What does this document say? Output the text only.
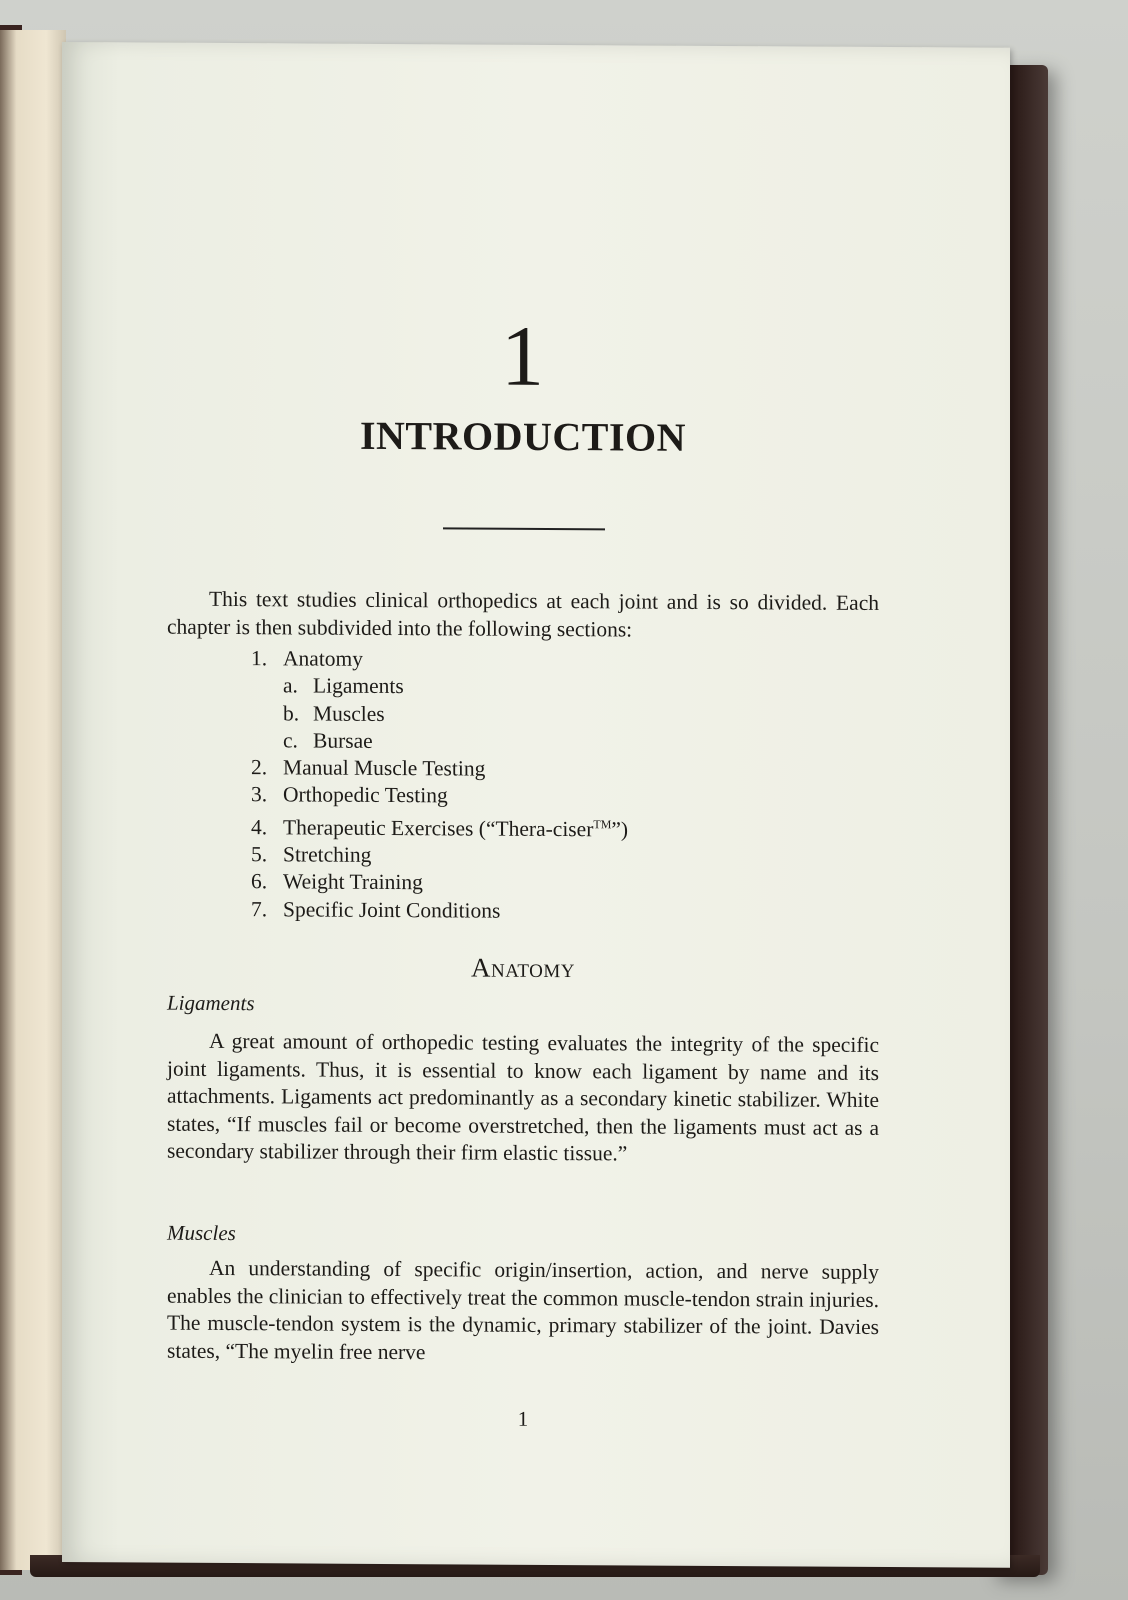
1
INTRODUCTION

This text studies clinical orthopedics at each joint and is so divided. Each chapter is then subdivided into the following sections:

1. Anatomy
a. Ligaments
b. Muscles
c. Bursae
2. Manual Muscle Testing
3. Orthopedic Testing
4. Therapeutic Exercises (“Thera-ciser™”)
5. Stretching
6. Weight Training
7. Specific Joint Conditions
Anatomy
Ligaments

A great amount of orthopedic testing evaluates the integrity of the specific joint ligaments. Thus, it is essential to know each ligament by name and its attachments. Ligaments act predominantly as a secondary kinetic stabilizer. White states, “If muscles fail or become overstretched, then the ligaments must act as a secondary stabilizer through their firm elastic tissue.”

Muscles

An understanding of specific origin/insertion, action, and nerve supply enables the clinician to effectively treat the common muscle-tendon strain injuries. The muscle-tendon system is the dynamic, primary stabilizer of the joint. Davies states, “The myelin free nerve

1
